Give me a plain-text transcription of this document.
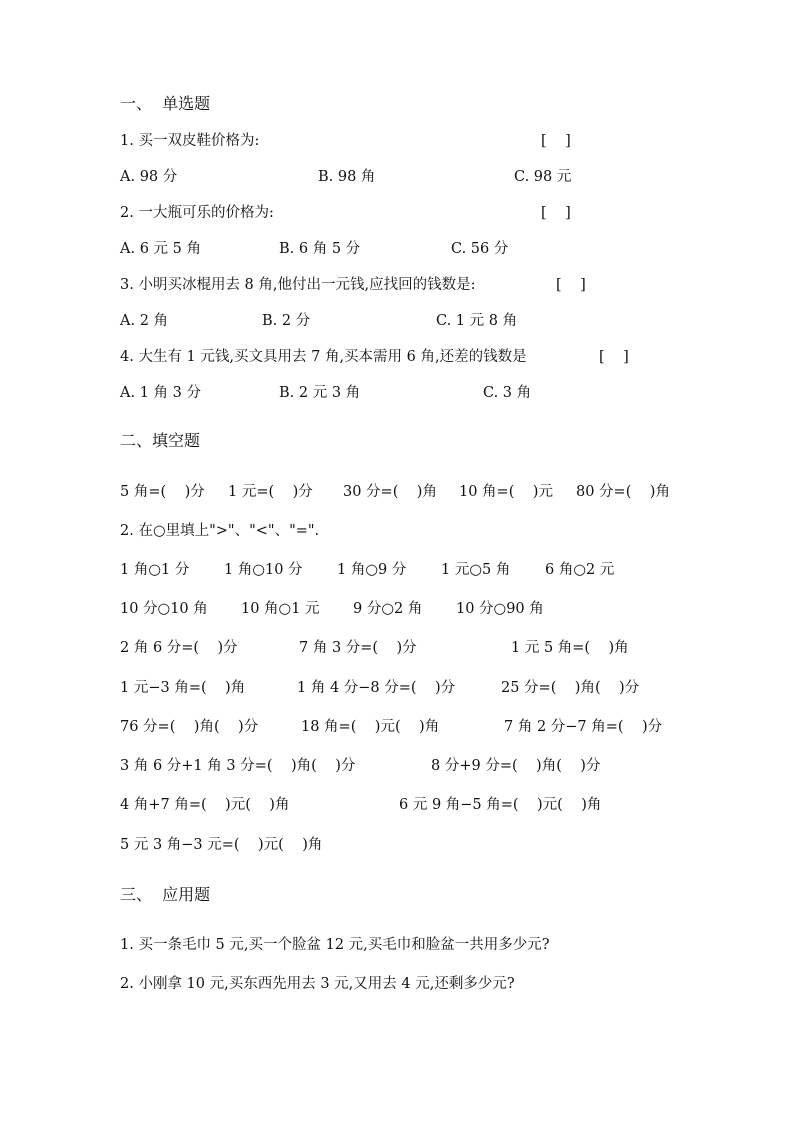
一、  单选题
1. 买一双皮鞋价格为:	[    ]
A. 98 分	B. 98 角	C. 98 元
2. 一大瓶可乐的价格为:	[    ]
A. 6 元 5 角	B. 6 角 5 分	C. 56 分
3. 小明买冰棍用去 8 角,他付出一元钱,应找回的钱数是:	[    ]
A. 2 角	B. 2 分	C. 1 元 8 角
4. 大生有 1 元钱,买文具用去 7 角,买本需用 6 角,还差的钱数是	[    ]
A. 1 角 3 分	B. 2 元 3 角	C. 3 角
二、填空题
5 角=(    )分 1 元=(    )分 30 分=(    )角 10 角=(    )元 80 分=(    )角
2. 在○里填上">"、"<"、"=".
1 角○1 分 1 角○10 分 1 角○9 分 1 元○5 角 6 角○2 元
10 分○10 角 10 角○1 元 9 分○2 角 10 分○90 角
2 角 6 分=(    )分	7 角 3 分=(    )分	1 元 5 角=(    )角
1 元−3 角=(    )角	1 角 4 分−8 分=(    )分	25 分=(    )角(    )分
76 分=(    )角(    )分	18 角=(    )元(    )角	7 角 2 分−7 角=(    )分
3 角 6 分+1 角 3 分=(    )角(    )分	8 分+9 分=(    )角(    )分
4 角+7 角=(    )元(    )角	6 元 9 角−5 角=(    )元(    )角
5 元 3 角−3 元=(    )元(    )角
三、  应用题
1. 买一条毛巾 5 元,买一个脸盆 12 元,买毛巾和脸盆一共用多少元?
2. 小刚拿 10 元,买东西先用去 3 元,又用去 4 元,还剩多少元?
